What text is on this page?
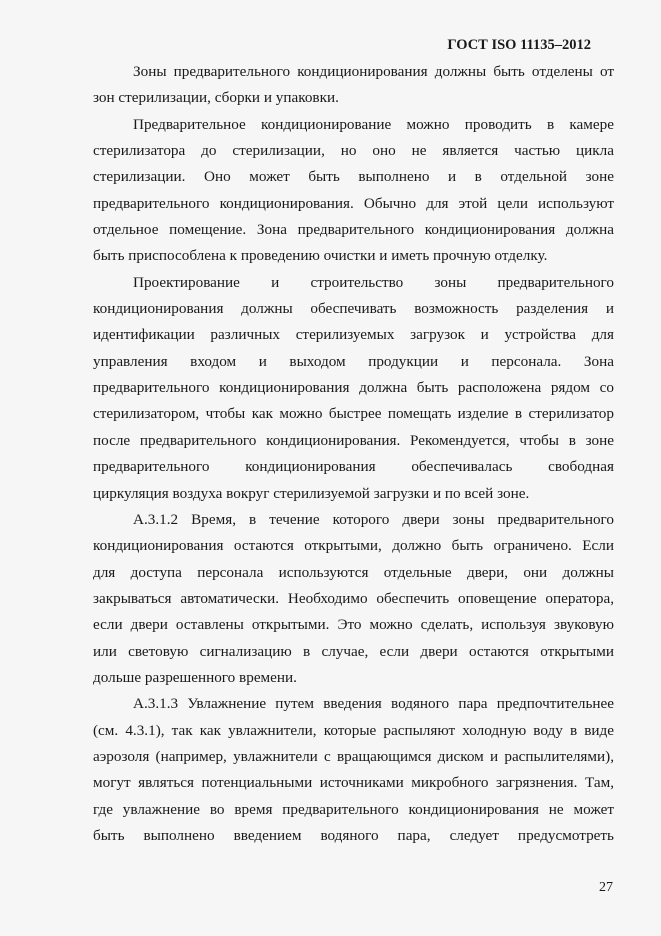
ГОСТ ISO 11135–2012
Зоны предварительного кондиционирования должны быть отделены от
зон стерилизации, сборки и упаковки.
Предварительное кондиционирование можно проводить в камере
стерилизатора до стерилизации, но оно не является частью цикла
стерилизации. Оно может быть выполнено и в отдельной зоне
предварительного кондиционирования. Обычно для этой цели используют
отдельное помещение. Зона предварительного кондиционирования должна
быть приспособлена к проведению очистки и иметь прочную отделку.
Проектирование и строительство зоны предварительного
кондиционирования должны обеспечивать возможность разделения и
идентификации различных стерилизуемых загрузок и устройства для
управления входом и выходом продукции и персонала. Зона
предварительного кондиционирования должна быть расположена рядом со
стерилизатором, чтобы как можно быстрее помещать изделие в стерилизатор
после предварительного кондиционирования. Рекомендуется, чтобы в зоне
предварительного кондиционирования обеспечивалась свободная
циркуляция воздуха вокруг стерилизуемой загрузки и по всей зоне.
А.3.1.2 Время, в течение которого двери зоны предварительного
кондиционирования остаются открытыми, должно быть ограничено. Если
для доступа персонала используются отдельные двери, они должны
закрываться автоматически. Необходимо обеспечить оповещение оператора,
если двери оставлены открытыми. Это можно сделать, используя звуковую
или световую сигнализацию в случае, если двери остаются открытыми
дольше разрешенного времени.
А.3.1.3 Увлажнение путем введения водяного пара предпочтительнее
(см. 4.3.1), так как увлажнители, которые распыляют холодную воду в виде
аэрозоля (например, увлажнители с вращающимся диском и распылителями),
могут являться потенциальными источниками микробного загрязнения. Там,
где увлажнение во время предварительного кондиционирования не может
быть выполнено введением водяного пара, следует предусмотреть
27
